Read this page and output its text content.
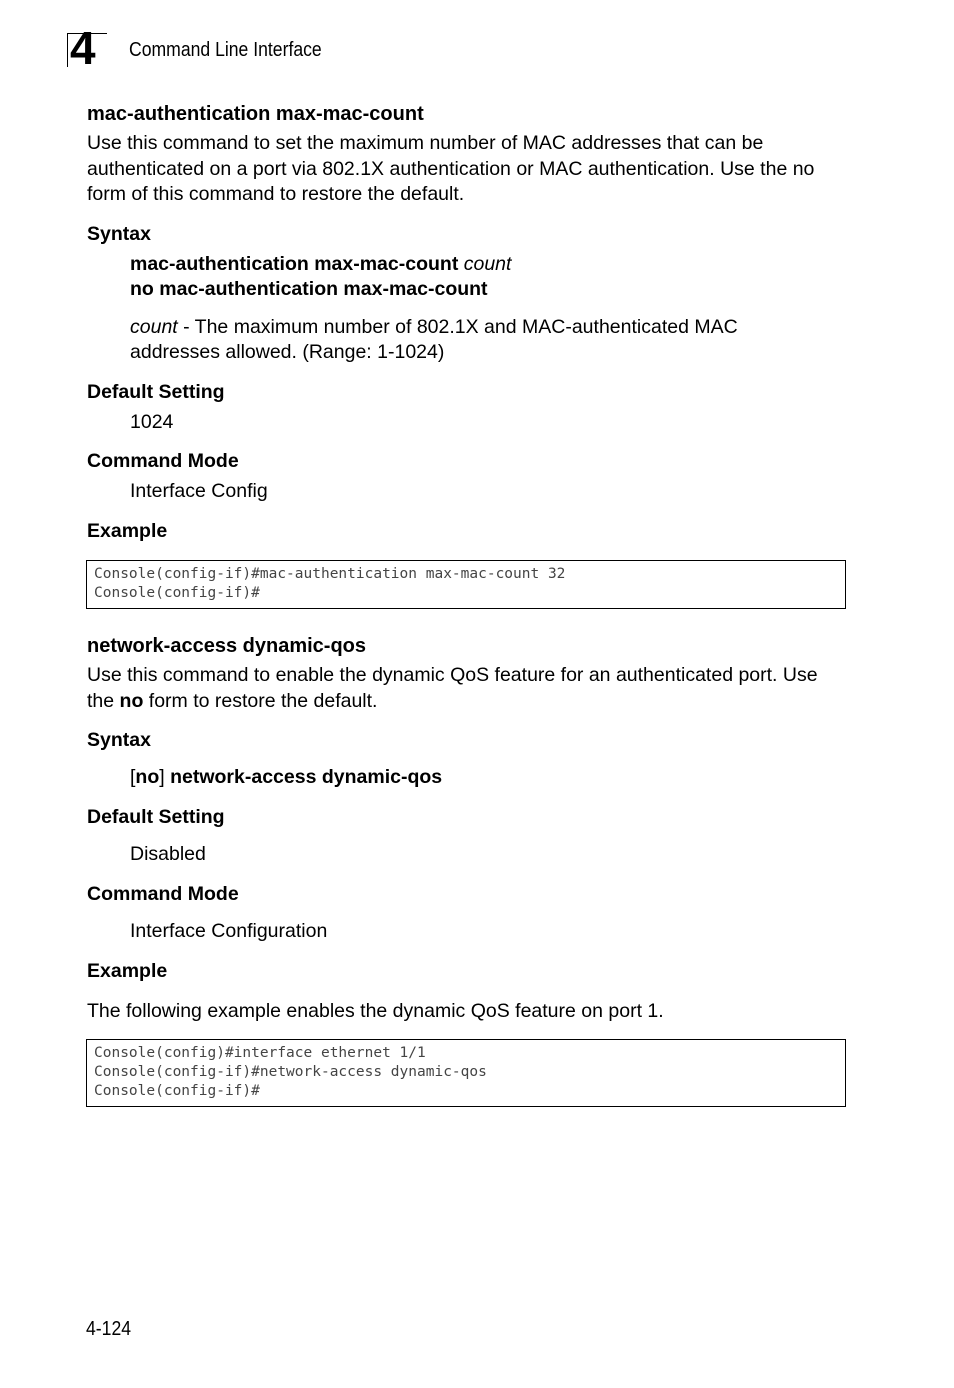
4 Command Line Interface
mac-authentication max-mac-count
Use this command to set the maximum number of MAC addresses that can be authenticated on a port via 802.1X authentication or MAC authentication. Use the no form of this command to restore the default.
Syntax
mac-authentication max-mac-count count
no mac-authentication max-mac-count
count - The maximum number of 802.1X and MAC-authenticated MAC addresses allowed. (Range: 1-1024)
Default Setting
1024
Command Mode
Interface Config
Example
Console(config-if)#mac-authentication max-mac-count 32
Console(config-if)#
network-access dynamic-qos
Use this command to enable the dynamic QoS feature for an authenticated port. Use the no form to restore the default.
Syntax
[no] network-access dynamic-qos
Default Setting
Disabled
Command Mode
Interface Configuration
Example
The following example enables the dynamic QoS feature on port 1.
Console(config)#interface ethernet 1/1
Console(config-if)#network-access dynamic-qos
Console(config-if)#
4-124
